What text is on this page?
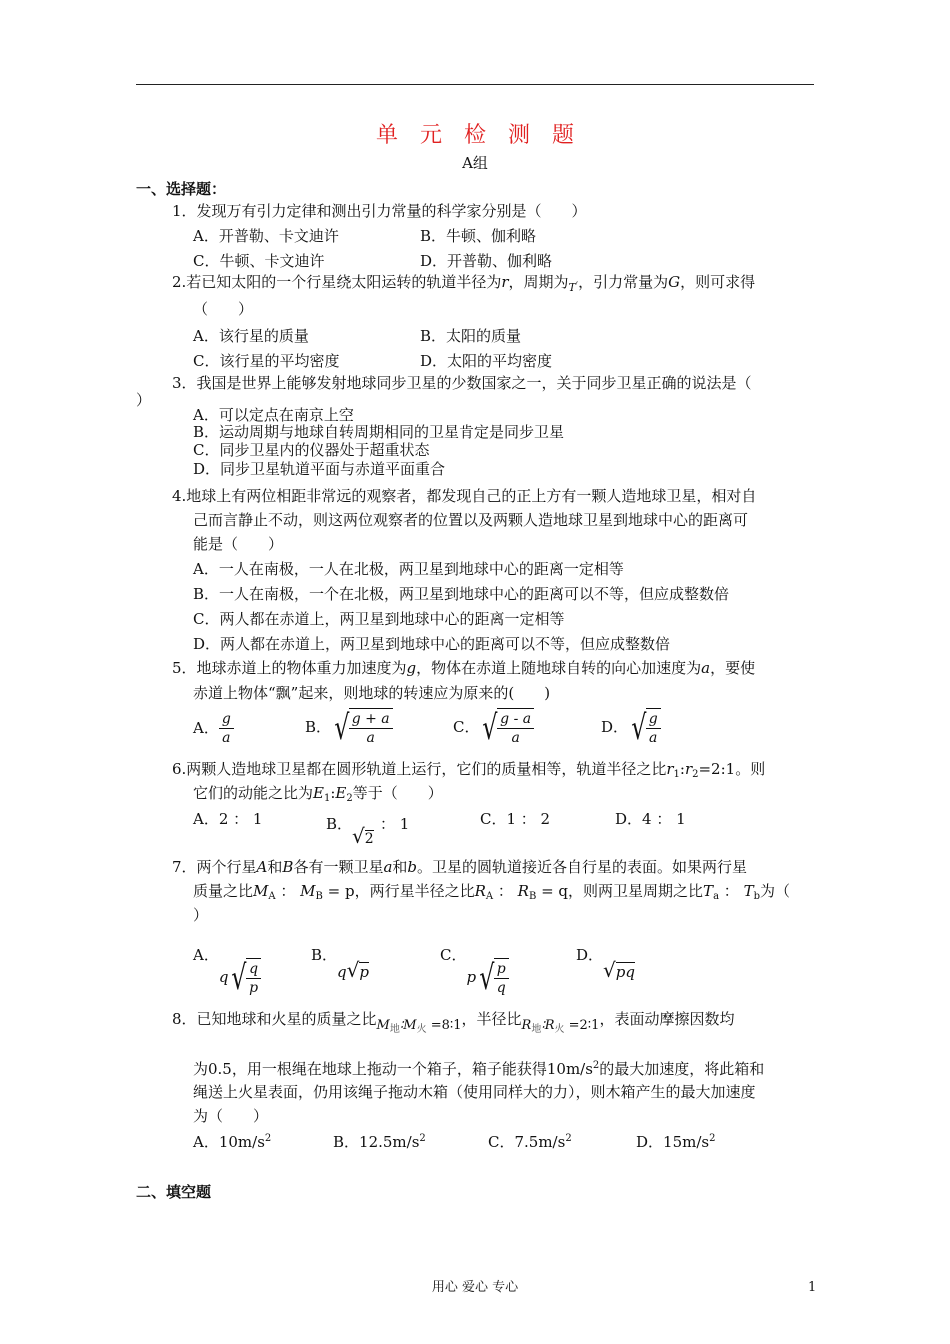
单　元　检　测　题
A组
一、选择题：
1．发现万有引力定律和测出引力常量的科学家分别是（　　）
A．开普勒、卡文迪许	B．牛顿、伽利略
C．牛顿、卡文迪许	D．开普勒、伽利略
2.若已知太阳的一个行星绕太阳运转的轨道半径为r，周期为$_T$′，引力常量为G，则可求得
（　　）
A．该行星的质量	B．太阳的质量
C．该行星的平均密度	D．太阳的平均密度
3．我国是世界上能够发射地球同步卫星的少数国家之一，关于同步卫星正确的说法是（
）
A．可以定点在南京上空
B．运动周期与地球自转周期相同的卫星肯定是同步卫星
C．同步卫星内的仪器处于超重状态
D．同步卫星轨道平面与赤道平面重合
4.地球上有两位相距非常远的观察者，都发现自己的正上方有一颗人造地球卫星，相对自
己而言静止不动，则这两位观察者的位置以及两颗人造地球卫星到地球中心的距离可
能是（　　）
A．一人在南极，一人在北极，两卫星到地球中心的距离一定相等
B．一人在南极，一个在北极，两卫星到地球中心的距离可以不等，但应成整数倍
C．两人都在赤道上，两卫星到地球中心的距离一定相等
D．两人都在赤道上，两卫星到地球中心的距离可以不等，但应成整数倍
5．地球赤道上的物体重力加速度为g，物体在赤道上随地球自转的向心加速度为a，要使
赤道上物体“飘”起来，则地球的转速应为原来的(　　)
A． $\frac{g}{a}$	B．√ $\frac{g + a}{a}$	C．√ $\frac{g - a}{a}$	D．√ $\frac{g}{a}$
6.两颗人造地球卫星都在圆形轨道上运行，它们的质量相等，轨道半径之比$r_1:r_2=2:1$。则
它们的动能之比为$E_1:E_2$等于（　　）
A．2 ： 1	B．√2： 1	C．1 ： 2	D．4 ： 1
7．两个行星A和B各有一颗卫星a和b。卫星的圆轨道接近各自行星的表面。如果两行星
质量之比$M_A$ ： $M_B = p$，两行星半径之比$R_A$ ： $R_B = q$，则两卫星周期之比$T_a$ ： $T_b$为（
）
A．$q√ \frac{q}{p}$
B．q√p
C．$p√ \frac{p}{q}$
D．√pq
8．已知地球和火星的质量之比$M_地∶M_火$ =8∶1，半径比$R_地∶R_火$ =2∶1，表面动摩擦因数均
为0.5，用一根绳在地球上拖动一个箱子，箱子能获得$10m/s^2$的最大加速度，将此箱和
绳送上火星表面，仍用该绳子拖动木箱（使用同样大的力），则木箱产生的最大加速度
为（　　）
A．$10m/s^2$	B．$12.5m/s^2$	C．$7.5m/s^2$	D．$15m/s^2$
二、填空题
用心 爱心 专心	1
